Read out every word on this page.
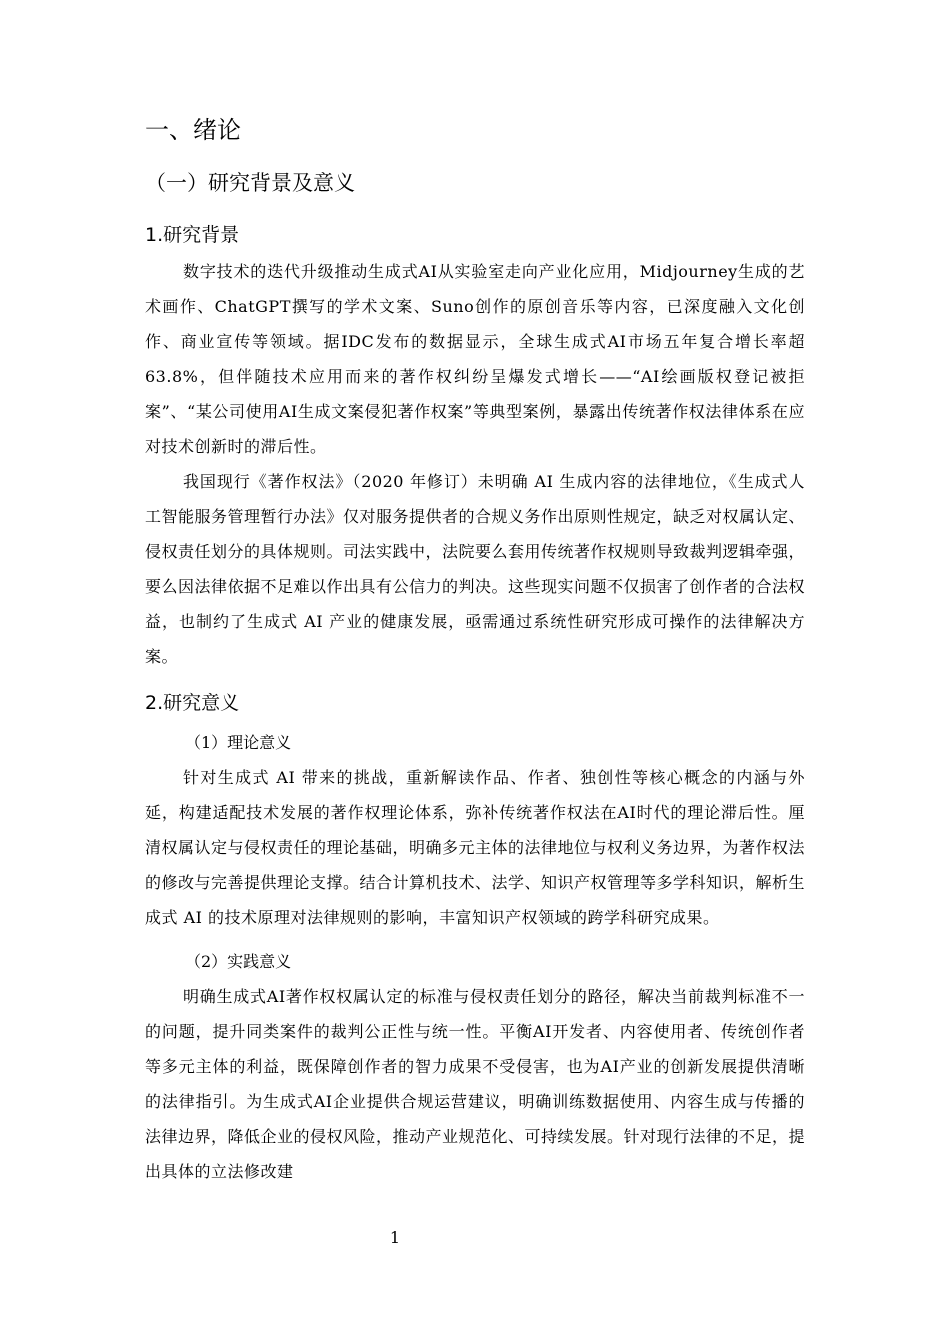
一、绪论
（一）研究背景及意义
1.研究背景

数字技术的迭代升级推动生成式AI从实验室走向产业化应用，Midjourney生成的艺术画作、ChatGPT撰写的学术文案、Suno创作的原创音乐等内容，已深度融入文化创作、商业宣传等领域。据IDC发布的数据显示，全球生成式AI市场五年复合增长率超63.8%，但伴随技术应用而来的著作权纠纷呈爆发式增长——“AI绘画版权登记被拒案”、“某公司使用AI生成文案侵犯著作权案”等典型案例，暴露出传统著作权法律体系在应对技术创新时的滞后性。

我国现行《著作权法》（2020 年修订）未明确 AI 生成内容的法律地位，《生成式人工智能服务管理暂行办法》仅对服务提供者的合规义务作出原则性规定，缺乏对权属认定、侵权责任划分的具体规则。司法实践中，法院要么套用传统著作权规则导致裁判逻辑牵强，要么因法律依据不足难以作出具有公信力的判决。这些现实问题不仅损害了创作者的合法权益，也制约了生成式 AI 产业的健康发展，亟需通过系统性研究形成可操作的法律解决方案。

2.研究意义
（1）理论意义

针对生成式 AI 带来的挑战，重新解读作品、作者、独创性等核心概念的内涵与外延，构建适配技术发展的著作权理论体系，弥补传统著作权法在AI时代的理论滞后性。厘清权属认定与侵权责任的理论基础，明确多元主体的法律地位与权利义务边界，为著作权法的修改与完善提供理论支撑。结合计算机技术、法学、知识产权管理等多学科知识，解析生成式 AI 的技术原理对法律规则的影响，丰富知识产权领域的跨学科研究成果。

（2）实践意义

明确生成式AI著作权权属认定的标准与侵权责任划分的路径，解决当前裁判标准不一的问题，提升同类案件的裁判公正性与统一性。平衡AI开发者、内容使用者、传统创作者等多元主体的利益，既保障创作者的智力成果不受侵害，也为AI产业的创新发展提供清晰的法律指引。为生成式AI企业提供合规运营建议，明确训练数据使用、内容生成与传播的法律边界，降低企业的侵权风险，推动产业规范化、可持续发展。针对现行法律的不足，提出具体的立法修改建

1
